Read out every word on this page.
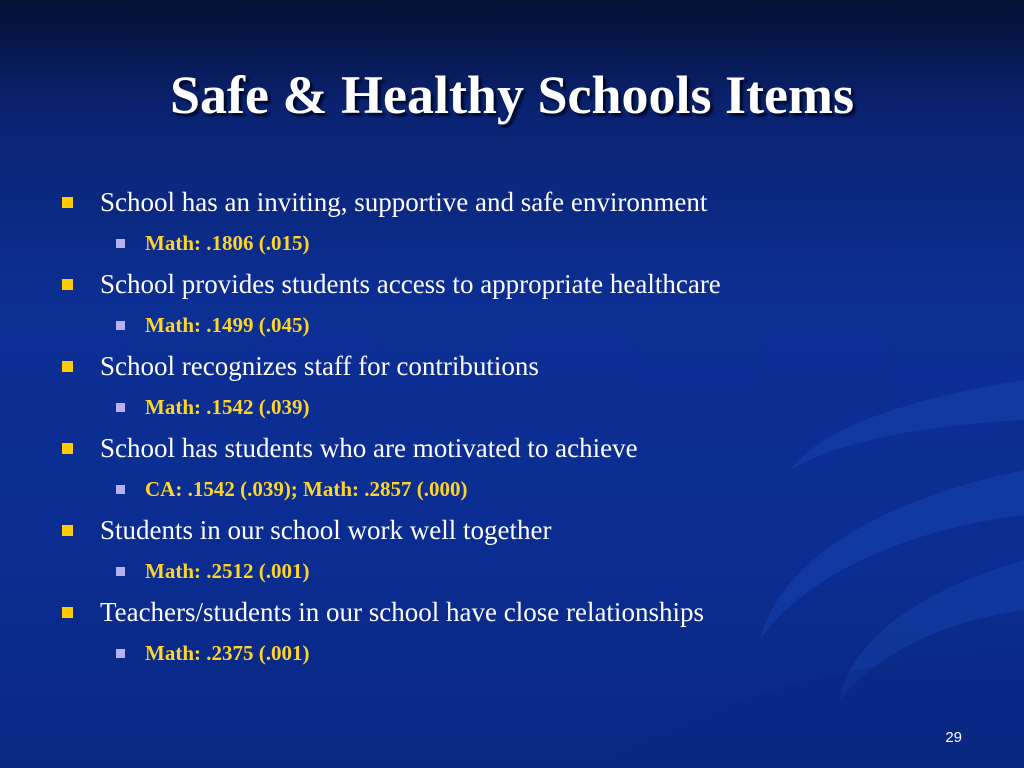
Safe & Healthy Schools Items
School has an inviting, supportive and safe environment
Math: .1806 (.015)
School provides students access to appropriate healthcare
Math: .1499 (.045)
School recognizes staff for contributions
Math: .1542 (.039)
School has students who are motivated to achieve
CA: .1542 (.039); Math: .2857 (.000)
Students in our school work well together
Math: .2512 (.001)
Teachers/students in our school have close relationships
Math: .2375 (.001)
29
